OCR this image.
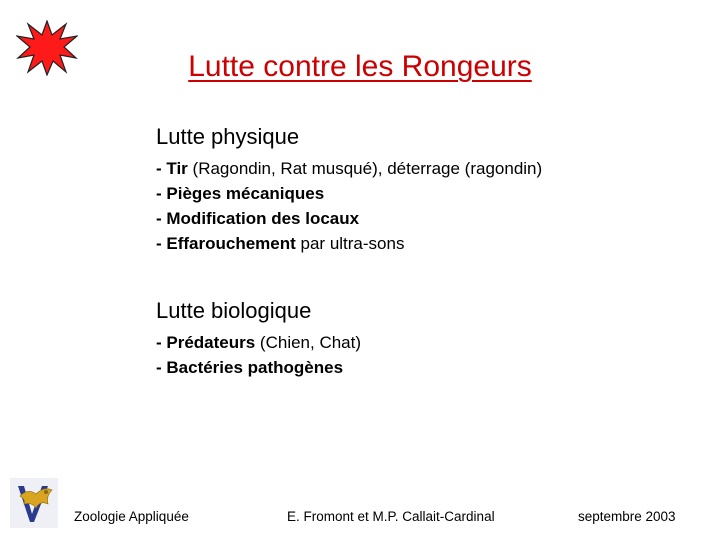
Lutte contre les Rongeurs
Lutte physique
- Tir (Ragondin, Rat musqué), déterrage (ragondin)
- Pièges mécaniques
- Modification des locaux
- Effarouchement par ultra-sons
Lutte biologique
- Prédateurs (Chien, Chat)
- Bactéries pathogènes
Zoologie Appliquée	E. Fromont et M.P. Callait-Cardinal	septembre 2003
